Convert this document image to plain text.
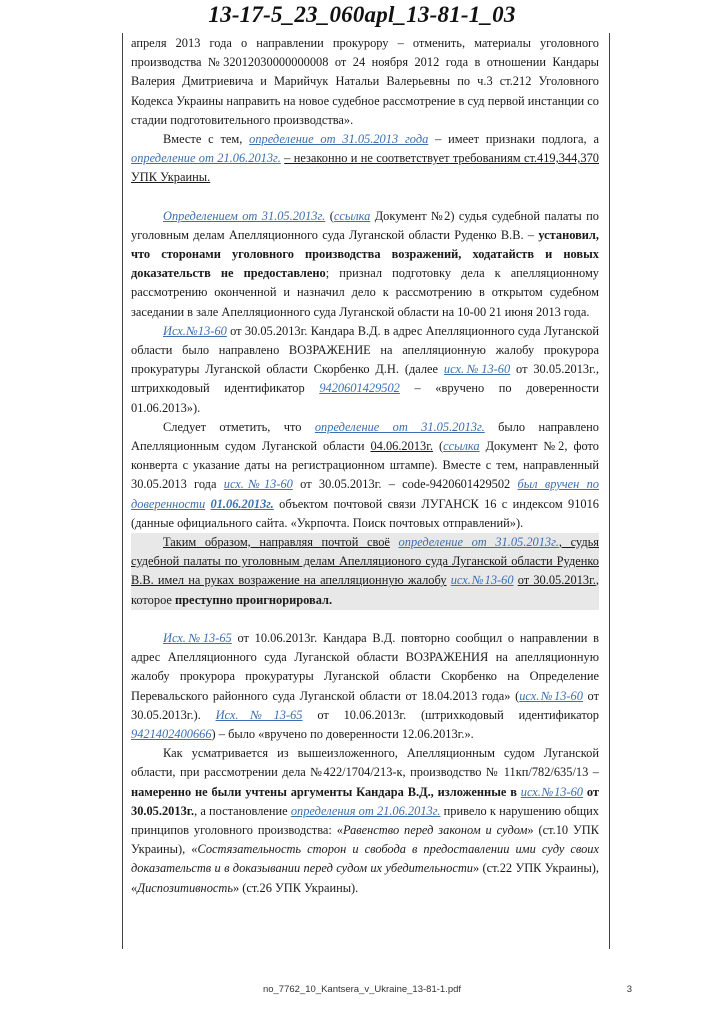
13-17-5_23_060apl_13-81-1_03

апреля 2013 года о направлении прокурору – отменить, материалы уголовного производства №32012030000000008 от 24 ноября 2012 года в отношении Кандары Валерия Дмитриевича и Марийчук Натальи Валерьевны по ч.3 ст.212 Уголовного Кодекса Украины направить на новое судебное рассмотрение в суд первой инстанции со стадии подготовительного производства».

Вместе с тем, определение от 31.05.2013 года – имеет признаки подлога, а определение от 21.06.2013г. – незаконно и не соответствует требованиям ст.419,344,370 УПК Украины.

Определением от 31.05.2013г. (ссылка Документ №2) судья судебной палаты по уголовным делам Апелляционного суда Луганской области Руденко В.В. – установил, что сторонами уголовного производства возражений, ходатайств и новых доказательств не предоставлено; признал подготовку дела к апелляционному рассмотрению оконченной и назначил дело к рассмотрению в открытом судебном заседании в зале Апелляционного суда Луганской области на 10-00 21 июня 2013 года.

Исх.№13-60 от 30.05.2013г. Кандара В.Д. в адрес Апелляционного суда Луганской области было направлено ВОЗРАЖЕНИЕ на апелляционную жалобу прокурора прокуратуры Луганской области Скорбенко Д.Н. (далее исх.№13-60 от 30.05.2013г., штрихкодовый идентификатор 9420601429502 – «вручено по доверенности 01.06.2013»).

Следует отметить, что определение от 31.05.2013г. было направлено Апелляционным судом Луганской области 04.06.2013г. (ссылка Документ №2, фото конверта с указание даты на регистрационном штампе). Вместе с тем, направленный 30.05.2013 года исх.№13-60 от 30.05.2013г. – code-9420601429502 был вручен по доверенности 01.06.2013г. объектом почтовой связи ЛУГАНСК 16 с индексом 91016 (данные официального сайта. «Укрпочта. Поиск почтовых отправлений»).

Таким образом, направляя почтой своё определение от 31.05.2013г., судья судебной палаты по уголовным делам Апелляционого суда Луганской области Руденко В.В. имел на руках возражение на апелляционную жалобу исх.№13-60 от 30.05.2013г., которое преступно проигнорировал.

Исх.№13-65 от 10.06.2013г. Кандара В.Д. повторно сообщил о направлении в адрес Апелляционного суда Луганской области ВОЗРАЖЕНИЯ на апелляционную жалобу прокурора прокуратуры Луганской области Скорбенко на Определение Перевальского районного суда Луганской области от 18.04.2013 года» (исх.№13-60 от 30.05.2013г.). Исх.№13-65 от 10.06.2013г. (штрихкодовый идентификатор 9421402400666) – было «вручено по доверенности 12.06.2013г.».

Как усматривается из вышеизложенного, Апелляционным судом Луганской области, при рассмотрении дела №422/1704/213-к, производство № 11кп/782/635/13 – намеренно не были учтены аргументы Кандара В.Д., изложенные в исх.№13-60 от 30.05.2013г., а постановление определения от 21.06.2013г. привело к нарушению общих принципов уголовного производства: «Равенство перед законом и судом» (ст.10 УПК Украины), «Состязательность сторон и свобода в предоставлении ими суду своих доказательств и в доказывании перед судом их убедительности» (ст.22 УПК Украины), «Диспозитивность» (ст.26 УПК Украины).

no_7762_10_Kantsera_v_Ukraine_13-81-1.pdf	3
